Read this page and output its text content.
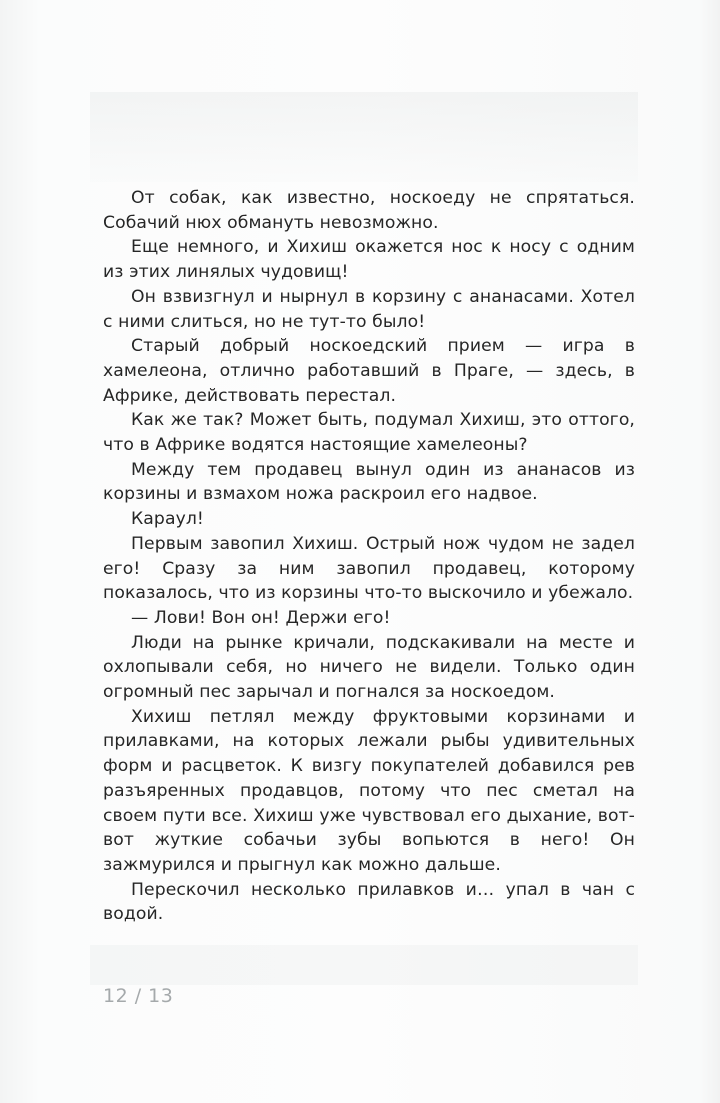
От собак, как известно, носкоеду не спрятаться. Собачий нюх обмануть невозможно.

Еще немного, и Хихиш окажется нос к носу с одним из этих линялых чудовищ!

Он взвизгнул и нырнул в корзину с ананасами. Хотел с ними слиться, но не тут-то было!

Старый добрый носкоедский прием — игра в хамелеона, отлично работавший в Праге, — здесь, в Африке, действовать перестал.

Как же так? Может быть, подумал Хихиш, это оттого, что в Африке водятся настоящие хамелеоны?

Между тем продавец вынул один из ананасов из корзины и взмахом ножа раскроил его надвое.

Караул!

Первым завопил Хихиш. Острый нож чудом не задел его! Сразу за ним завопил продавец, которому показалось, что из корзины что-то выскочило и убежало.

— Лови! Вон он! Держи его!

Люди на рынке кричали, подскакивали на месте и охлопывали себя, но ничего не видели. Только один огромный пес зарычал и погнался за носкоедом.

Хихиш петлял между фруктовыми корзинами и прилавками, на которых лежали рыбы удивительных форм и расцветок. К визгу покупателей добавился рев разъяренных продавцов, потому что пес сметал на своем пути все. Хихиш уже чувствовал его дыхание, вот-вот жуткие собачьи зубы вопьются в него! Он зажмурился и прыгнул как можно дальше.

Перескочил несколько прилавков и… упал в чан с водой.

12 / 13
